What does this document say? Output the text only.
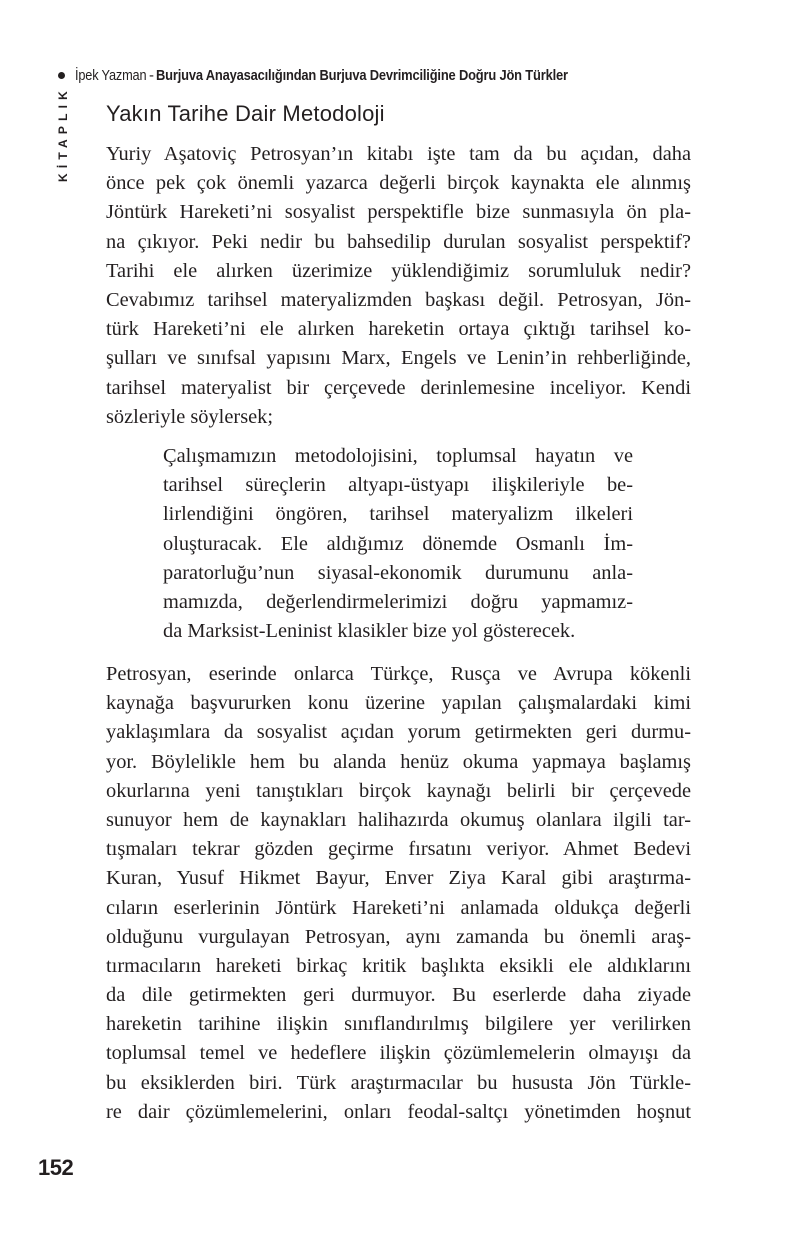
İpek Yazman - Burjuva Anayasacılığından Burjuva Devrimciliğine Doğru Jön Türkler
KİTAPLIK Yakın Tarihe Dair Metodoloji
Yuriy Aşatoviç Petrosyan’ın kitabı işte tam da bu açıdan, daha
önce pek çok önemli yazarca değerli birçok kaynakta ele alınmış
Jöntürk Hareketi’ni sosyalist perspektifle bize sunmasıyla ön pla-
na çıkıyor. Peki nedir bu bahsedilip durulan sosyalist perspektif?
Tarihi ele alırken üzerimize yüklendiğimiz sorumluluk nedir?
Cevabımız tarihsel materyalizmden başkası değil. Petrosyan, Jön-
türk Hareketi’ni ele alırken hareketin ortaya çıktığı tarihsel ko-
şulları ve sınıfsal yapısını Marx, Engels ve Lenin’in rehberliğinde,
tarihsel materyalist bir çerçevede derinlemesine inceliyor. Kendi
sözleriyle söylersek;
Çalışmamızın metodolojisini, toplumsal hayatın ve
tarihsel süreçlerin altyapı-üstyapı ilişkileriyle be-
lirlendiğini öngören, tarihsel materyalizm ilkeleri
oluşturacak. Ele aldığımız dönemde Osmanlı İm-
paratorluğu’nun siyasal-ekonomik durumunu anla-
mamızda, değerlendirmelerimizi doğru yapmamız-
da Marksist-Leninist klasikler bize yol gösterecek.
Petrosyan, eserinde onlarca Türkçe, Rusça ve Avrupa kökenli
kaynağa başvururken konu üzerine yapılan çalışmalardaki kimi
yaklaşımlara da sosyalist açıdan yorum getirmekten geri durmu-
yor. Böylelikle hem bu alanda henüz okuma yapmaya başlamış
okurlarına yeni tanıştıkları birçok kaynağı belirli bir çerçevede
sunuyor hem de kaynakları halihazırda okumuş olanlara ilgili tar-
tışmaları tekrar gözden geçirme fırsatını veriyor. Ahmet Bedevi
Kuran, Yusuf Hikmet Bayur, Enver Ziya Karal gibi araştırma-
cıların eserlerinin Jöntürk Hareketi’ni anlamada oldukça değerli
olduğunu vurgulayan Petrosyan, aynı zamanda bu önemli araş-
tırmacıların hareketi birkaç kritik başlıkta eksikli ele aldıklarını
da dile getirmekten geri durmuyor. Bu eserlerde daha ziyade
hareketin tarihine ilişkin sınıflandırılmış bilgilere yer verilirken
toplumsal temel ve hedeflere ilişkin çözümlemelerin olmayışı da
bu eksiklerden biri. Türk araştırmacılar bu hususta Jön Türkle-
re dair çözümlemelerini, onları feodal-saltçı yönetimden hoşnut
152
